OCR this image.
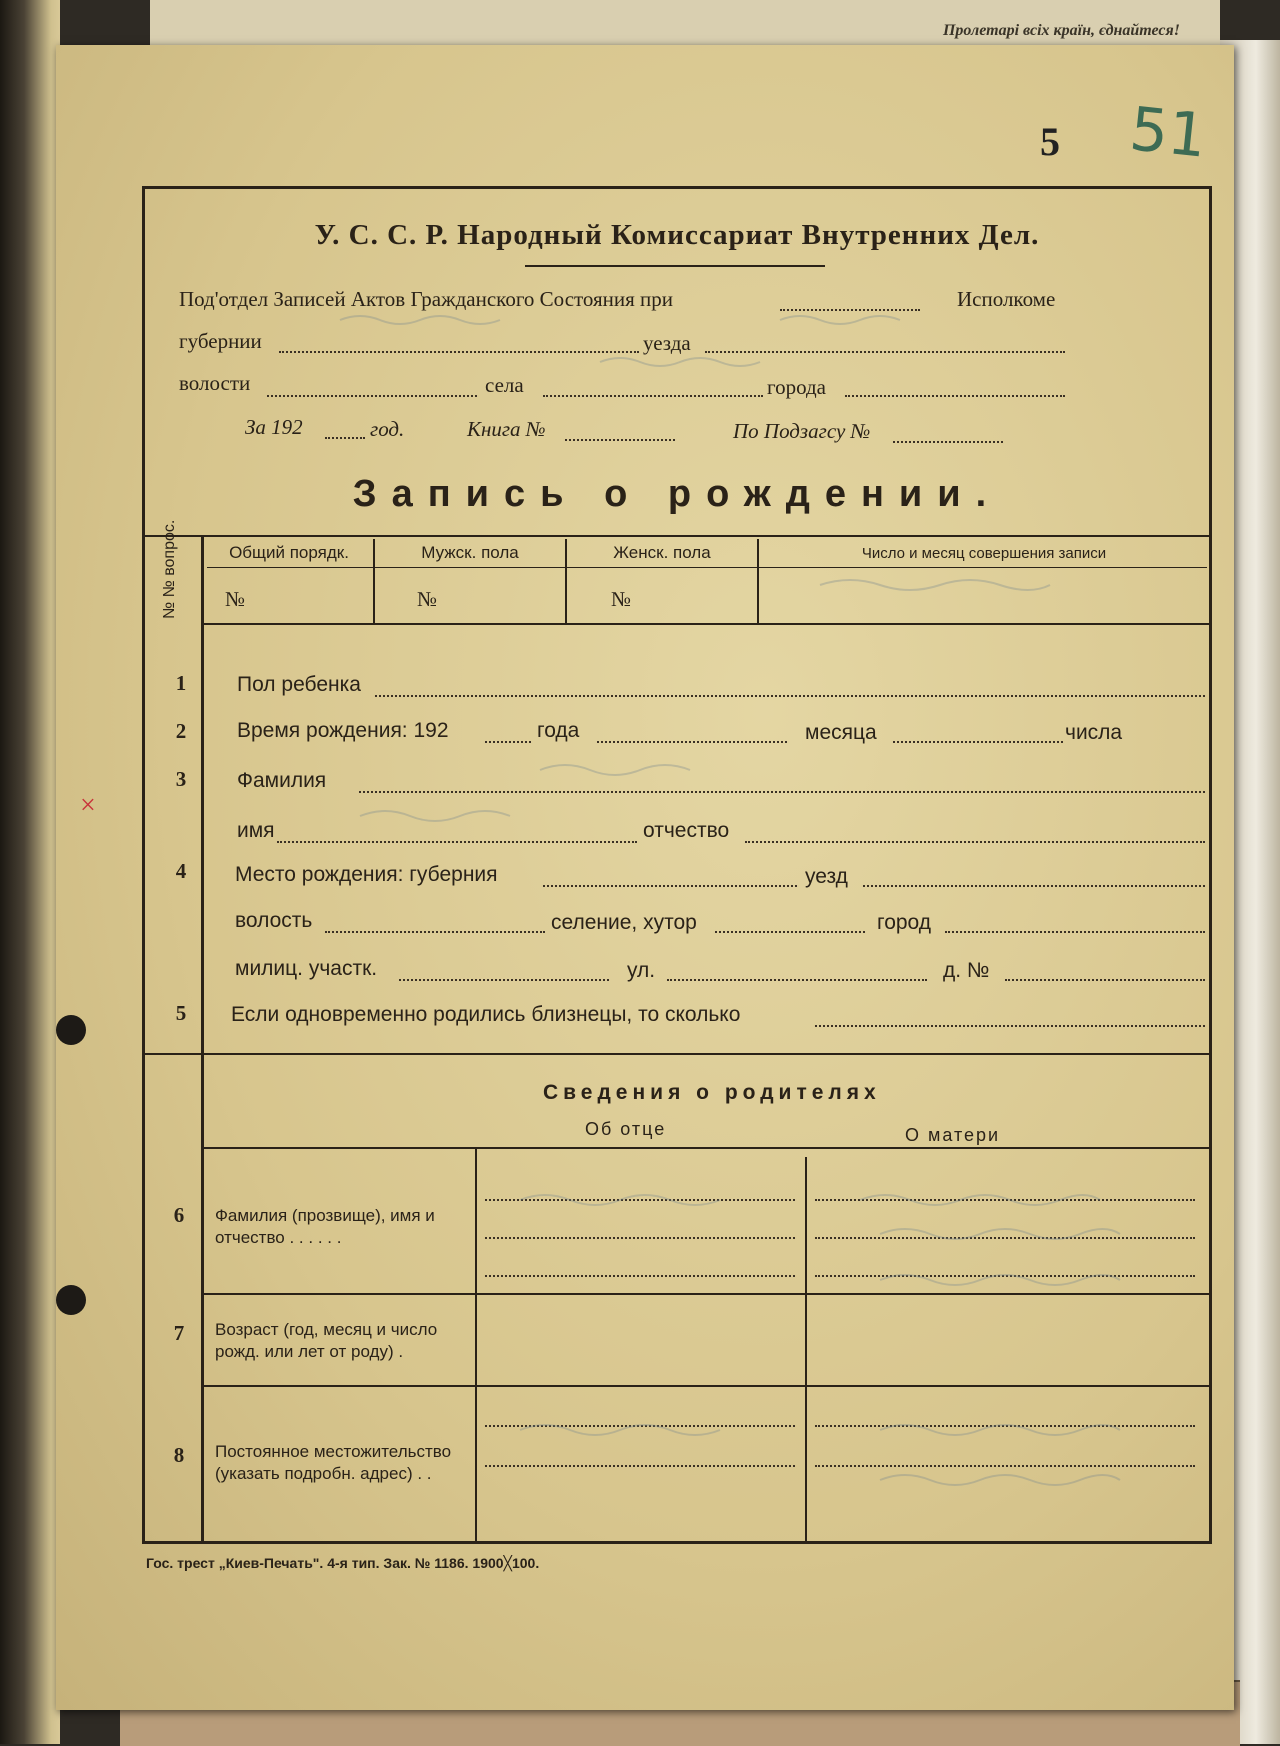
Пролетарі всіх країн, єднайтеся!
5 51
×
У. С. С. Р. Народный Комиссариат Внутренних Дел.
Под'отдел Записей Актов Гражданского Состояния при	Исполкоме
губернии	уезда
волости	села	города
За 192	год.	Книга №	По Подзагсу №
Запись о рождении.
№ № вопрос.	Общий порядк.	Мужск. пола	Женск. пола	Число и месяц совершения записи
№	№	№
1	Пол ребенка
2	Время рождения: 192	года	месяца	числа
3	Фамилия
имя	отчество
4	Место рождения: губерния	уезд
волость	селение, хутор	город
милиц. участк.	ул.	д. №
5	Если одновременно родились близнецы, то сколько
Сведения о родителях
Об отце	О матери
6	Фамилия (прозвище), имя и отчество . . . . . .
7	Возраст (год, месяц и число рожд. или лет от роду) .
8	Постоянное местожительство (указать подробн. адрес) . .
Гос. трест „Киев-Печать". 4-я тип. Зак. № 1186. 1900╳100.
